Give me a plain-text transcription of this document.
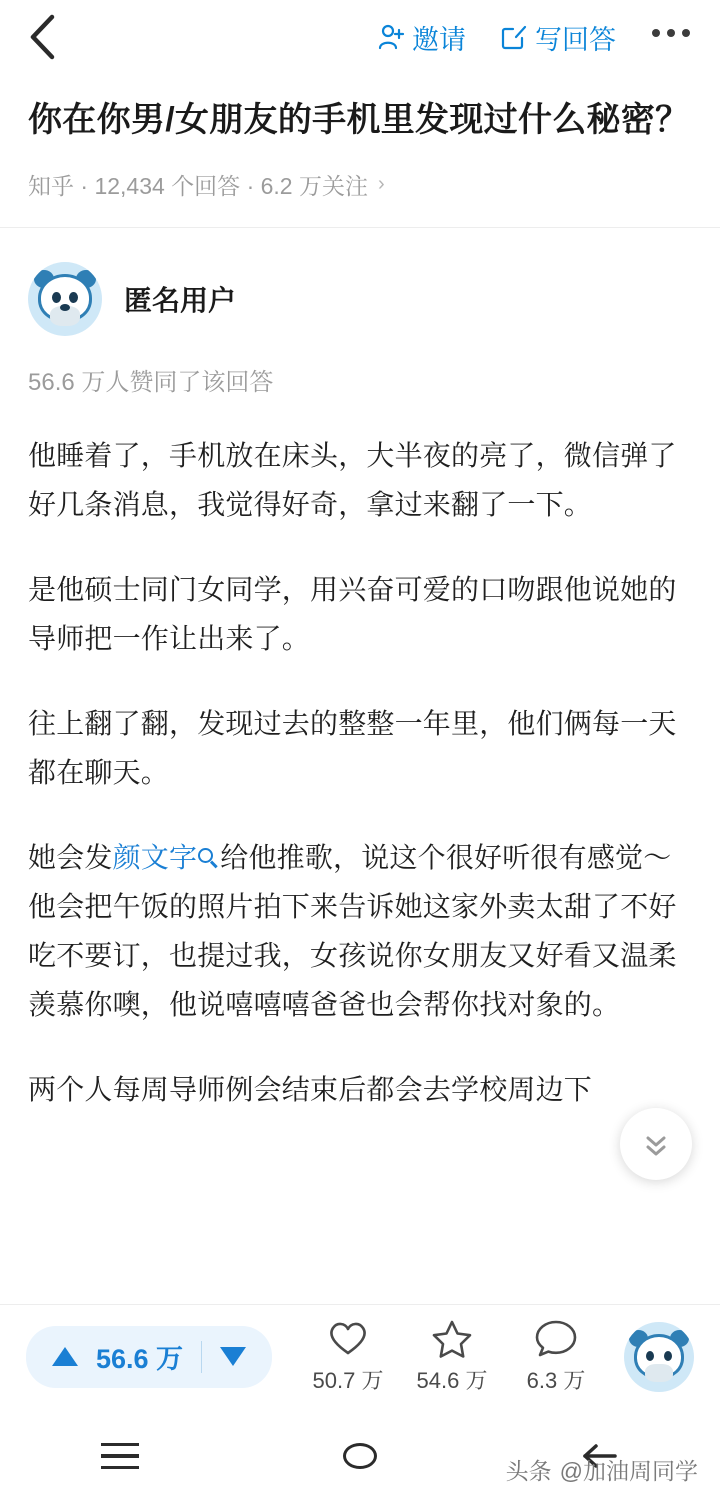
邀请	写回答
你在你男/女朋友的手机里发现过什么秘密？
知乎 · 12,434 个回答 · 6.2 万关注 ›
匿名用户
56.6 万人赞同了该回答

他睡着了，手机放在床头，大半夜的亮了，微信弹了好几条消息，我觉得好奇，拿过来翻了一下。

是他硕士同门女同学，用兴奋可爱的口吻跟他说她的导师把一作让出来了。

往上翻了翻，发现过去的整整一年里，他们俩每一天都在聊天。

她会发颜文字 给他推歌，说这个很好听很有感觉～他会把午饭的照片拍下来告诉她这家外卖太甜了不好吃不要订，也提过我，女孩说你女朋友又好看又温柔羡慕你噢，他说嘻嘻嘻爸爸也会帮你找对象的。

两个人每周导师例会结束后都会去学校周边下

56.6 万
50.7 万 54.6 万 6.3 万
头条 @加油周同学
